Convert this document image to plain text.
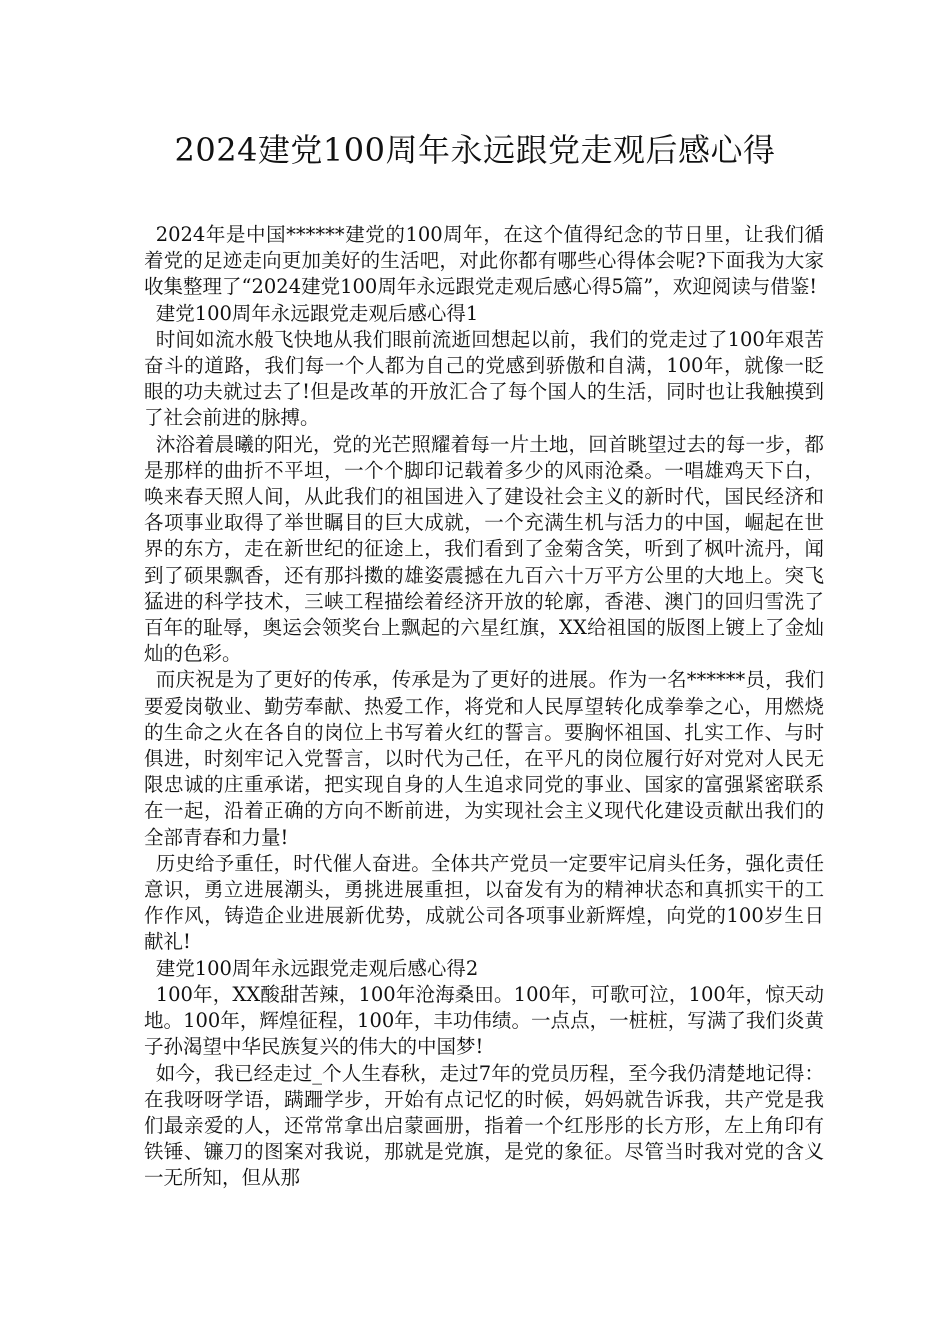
2024建党100周年永远跟党走观后感心得

2024年是中国******建党的100周年，在这个值得纪念的节日里，让我们循着党的足迹走向更加美好的生活吧，对此你都有哪些心得体会呢?下面我为大家收集整理了“2024建党100周年永远跟党走观后感心得5篇”，欢迎阅读与借鉴!

建党100周年永远跟党走观后感心得1

时间如流水般飞快地从我们眼前流逝回想起以前，我们的党走过了100年艰苦奋斗的道路，我们每一个人都为自己的党感到骄傲和自满，100年，就像一眨眼的功夫就过去了!但是改革的开放汇合了每个国人的生活，同时也让我触摸到了社会前进的脉搏。

沐浴着晨曦的阳光，党的光芒照耀着每一片土地，回首眺望过去的每一步，都是那样的曲折不平坦，一个个脚印记载着多少的风雨沧桑。一唱雄鸡天下白，唤来春天照人间，从此我们的祖国进入了建设社会主义的新时代，国民经济和各项事业取得了举世瞩目的巨大成就，一个充满生机与活力的中国，崛起在世界的东方，走在新世纪的征途上，我们看到了金菊含笑，听到了枫叶流丹，闻到了硕果飘香，还有那抖擞的雄姿震撼在九百六十万平方公里的大地上。突飞猛进的科学技术，三峡工程描绘着经济开放的轮廓，香港、澳门的回归雪洗了百年的耻辱，奥运会领奖台上飘起的六星红旗，XX给祖国的版图上镀上了金灿灿的色彩。

而庆祝是为了更好的传承，传承是为了更好的进展。作为一名******员，我们要爱岗敬业、勤劳奉献、热爱工作，将党和人民厚望转化成拳拳之心，用燃烧的生命之火在各自的岗位上书写着火红的誓言。要胸怀祖国、扎实工作、与时俱进，时刻牢记入党誓言，以时代为己任，在平凡的岗位履行好对党对人民无限忠诚的庄重承诺，把实现自身的人生追求同党的事业、国家的富强紧密联系在一起，沿着正确的方向不断前进，为实现社会主义现代化建设贡献出我们的全部青春和力量!

历史给予重任，时代催人奋进。全体共产党员一定要牢记肩头任务，强化责任意识，勇立进展潮头，勇挑进展重担，以奋发有为的精神状态和真抓实干的工作作风，铸造企业进展新优势，成就公司各项事业新辉煌，向党的100岁生日献礼!

建党100周年永远跟党走观后感心得2

100年，XX酸甜苦辣，100年沧海桑田。100年，可歌可泣，100年，惊天动地。100年，辉煌征程，100年，丰功伟绩。一点点，一桩桩，写满了我们炎黄子孙渴望中华民族复兴的伟大的中国梦!

如今，我已经走过_个人生春秋，走过7年的党员历程，至今我仍清楚地记得：在我呀呀学语，蹒跚学步，开始有点记忆的时候，妈妈就告诉我，共产党是我们最亲爱的人，还常常拿出启蒙画册，指着一个红彤彤的长方形，左上角印有铁锤、镰刀的图案对我说，那就是党旗，是党的象征。尽管当时我对党的含义一无所知，但从那
